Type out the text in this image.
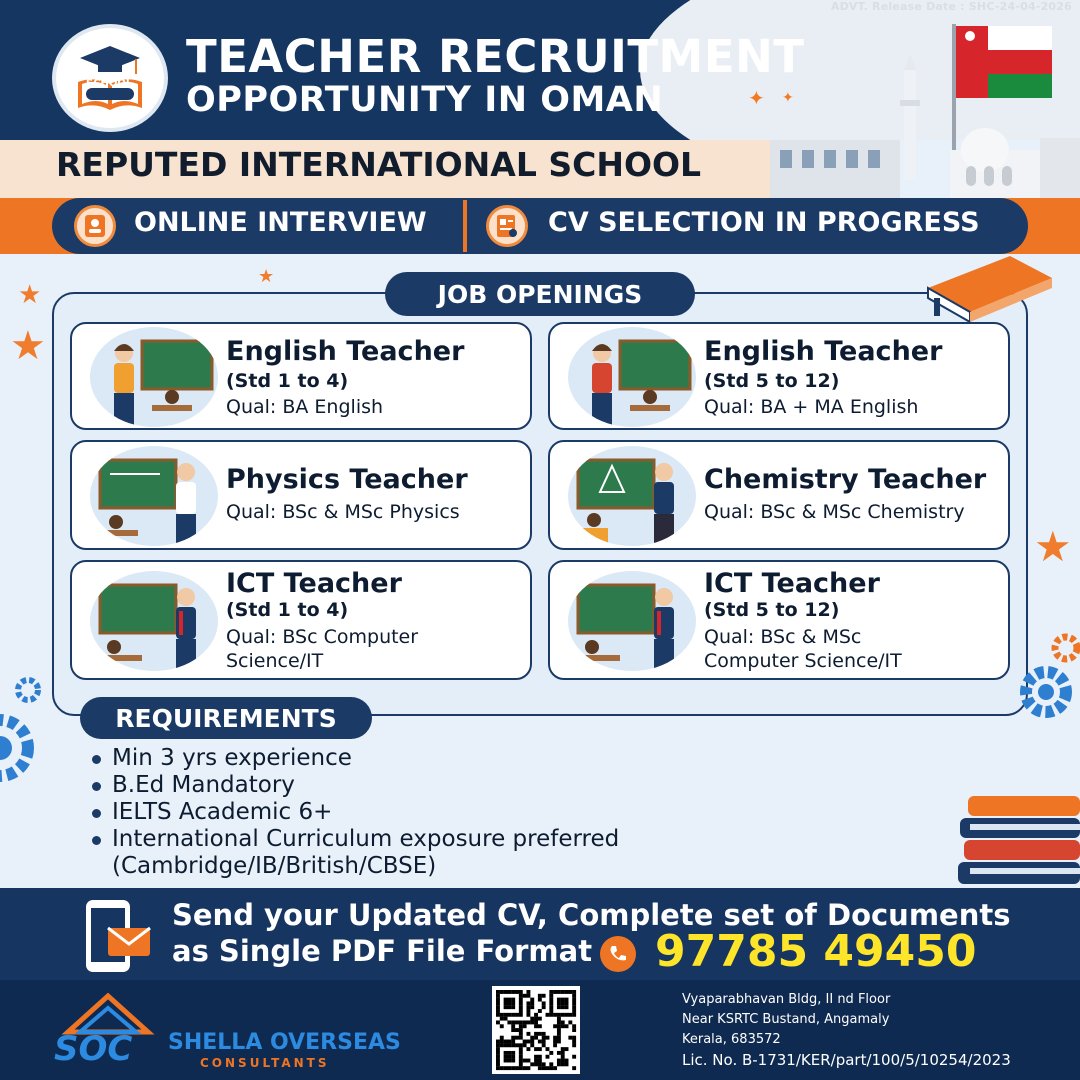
ADVT. Release Date : SHC-24-04-2026
SCHOOL
TEACHER RECRUITMENT
OPPORTUNITY IN OMAN	✦ ✦
REPUTED INTERNATIONAL SCHOOL
ONLINE INTERVIEW	CV SELECTION IN PROGRESS
★
★
★
★
JOB OPENINGS
English Teacher
(Std 1 to 4)
Qual: BA English
English Teacher
(Std 5 to 12)
Qual: BA + MA English
Physics Teacher
Qual: BSc & MSc Physics
Chemistry Teacher
Qual: BSc & MSc Chemistry
ICT Teacher
(Std 1 to 4)
Qual: BSc Computer
Science/IT
ICT Teacher
(Std 5 to 12)
Qual: BSc & MSc
Computer Science/IT
REQUIREMENTS
Min 3 yrs experience
B.Ed Mandatory
IELTS Academic 6+
International Curriculum exposure preferred
(Cambridge/IB/British/CBSE)
Send your Updated CV, Complete set of Documents
as Single PDF File Format 97785 49450
SOC SHELLA OVERSEAS
CONSULTANTS
Vyaparabhavan Bldg, II nd Floor
Near KSRTC Bustand, Angamaly
Kerala, 683572
Lic. No. B-1731/KER/part/100/5/10254/2023
